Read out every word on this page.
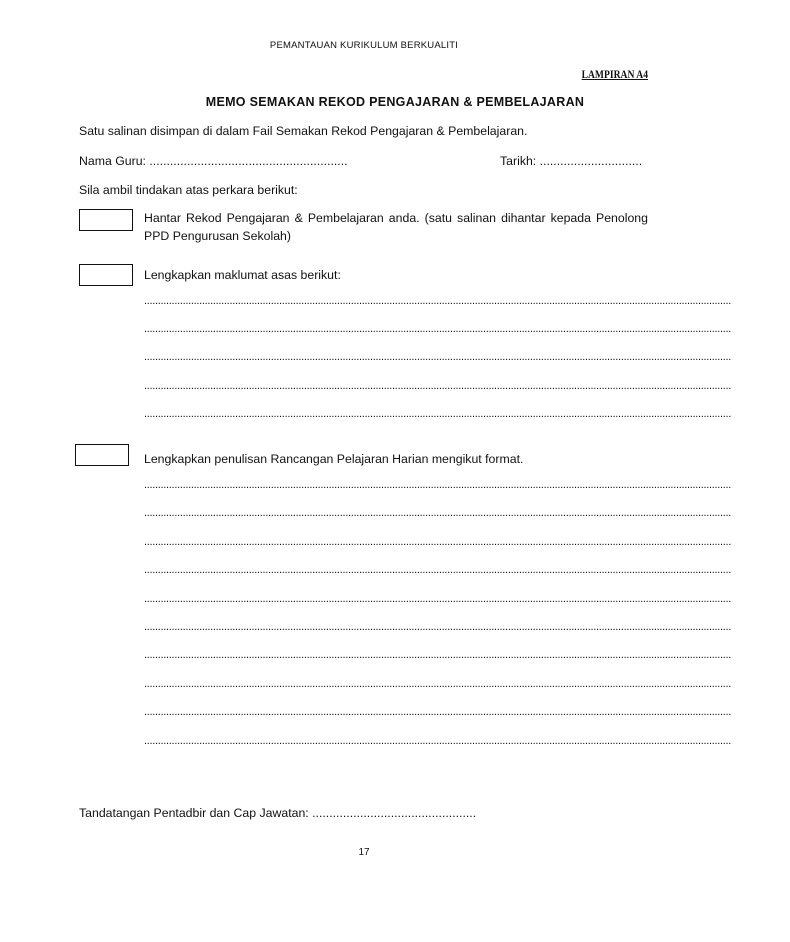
PEMANTAUAN KURIKULUM BERKUALITI
LAMPIRAN A4
MEMO SEMAKAN REKOD PENGAJARAN & PEMBELAJARAN
Satu salinan disimpan di dalam Fail Semakan Rekod Pengajaran & Pembelajaran.
Nama Guru: ..........................................................	Tarikh: ..............................
Sila ambil tindakan atas perkara berikut:
Hantar Rekod Pengajaran & Pembelajaran anda. (satu salinan dihantar kepada Penolong PPD Pengurusan Sekolah)
Lengkapkan maklumat asas berikut:
.....................................................................................................................................................................................................................
.....................................................................................................................................................................................................................
.....................................................................................................................................................................................................................
.....................................................................................................................................................................................................................
.....................................................................................................................................................................................................................
Lengkapkan penulisan Rancangan Pelajaran Harian mengikut format.
.....................................................................................................................................................................................................................
.....................................................................................................................................................................................................................
.....................................................................................................................................................................................................................
.....................................................................................................................................................................................................................
.....................................................................................................................................................................................................................
.....................................................................................................................................................................................................................
.....................................................................................................................................................................................................................
.....................................................................................................................................................................................................................
.....................................................................................................................................................................................................................
.....................................................................................................................................................................................................................
Tandatangan Pentadbir dan Cap Jawatan: ................................................
17
